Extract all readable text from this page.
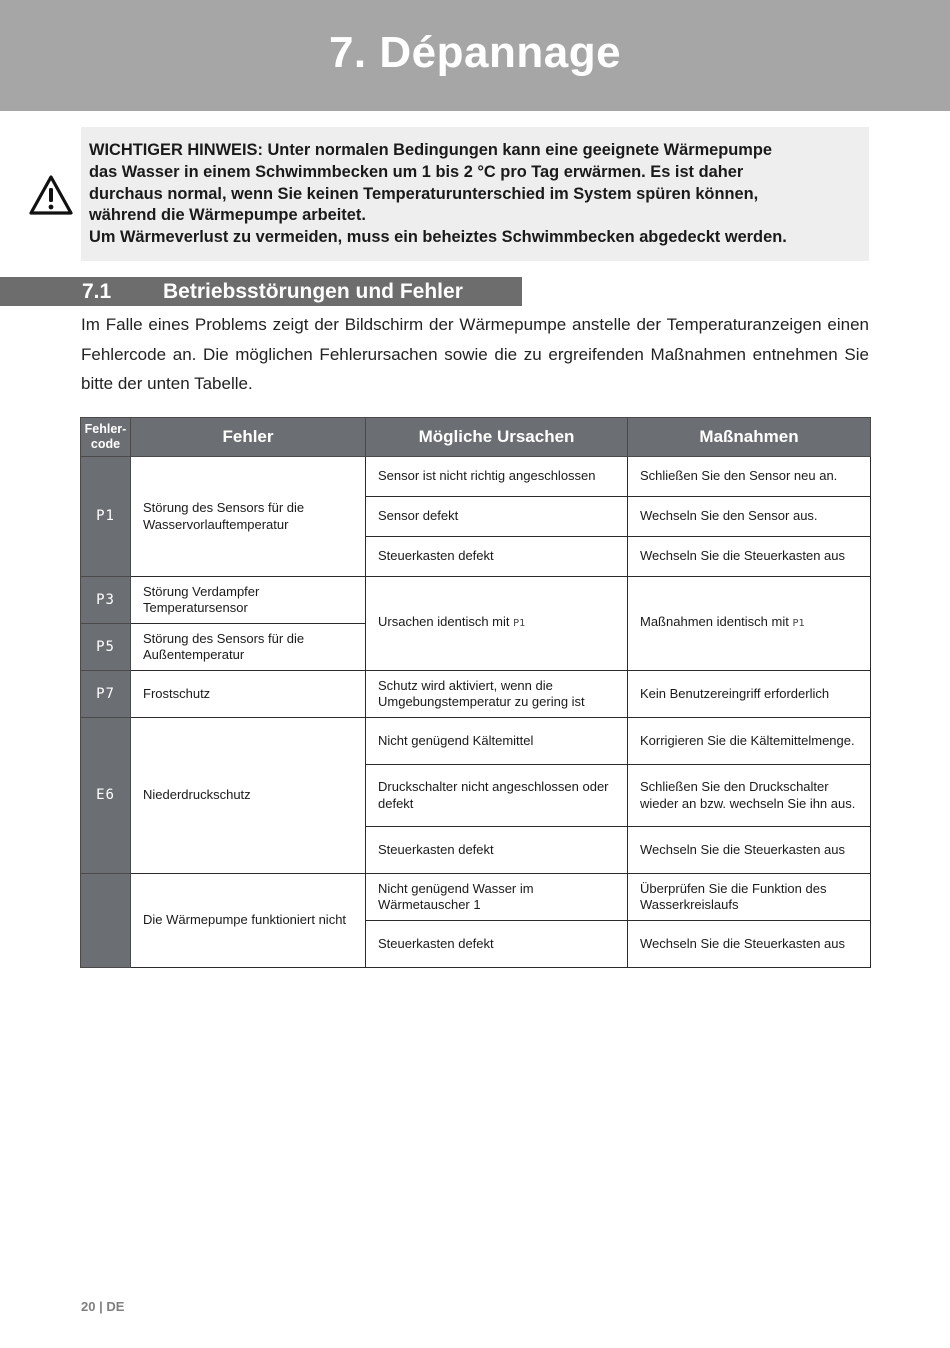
7. Dépannage

WICHTIGER HINWEIS: Unter normalen Bedingungen kann eine geeignete Wärmepumpe

das Wasser in einem Schwimmbecken um 1 bis 2 °C pro Tag erwärmen. Es ist daher

durchaus normal, wenn Sie keinen Temperaturunterschied im System spüren können,

während die Wärmepumpe arbeitet.

Um Wärmeverlust zu vermeiden, muss ein beheiztes Schwimmbecken abgedeckt werden.

7.1 Betriebsstörungen und Fehler

Im Falle eines Problems zeigt der Bildschirm der Wärmepumpe anstelle der Temperaturanzeigen einen Fehlercode an. Die möglichen Fehlerursachen sowie die zu ergreifenden Maßnahmen entnehmen Sie bitte der unten Tabelle.

Fehler-
code	Fehler	Mögliche Ursachen	Maßnahmen
P1	Störung des Sensors für die Wasservorlauftemperatur	Sensor ist nicht richtig angeschlossen	Schließen Sie den Sensor neu an.
		Sensor defekt	Wechseln Sie den Sensor aus.
		Steuerkasten defekt	Wechseln Sie die Steuerkasten aus
P3	Störung Verdampfer Temperatursensor	Ursachen identisch mit P1	Maßnahmen identisch mit P1
P5	Störung des Sensors für die Außentemperatur		
P7	Frostschutz	Schutz wird aktiviert, wenn die Umgebungstemperatur zu gering ist	Kein Benutzereingriff erforderlich
E6	Niederdruckschutz	Nicht genügend Kältemittel	Korrigieren Sie die Kältemittelmenge.
		Druckschalter nicht angeschlossen oder defekt	Schließen Sie den Druckschalter wieder an bzw. wechseln Sie ihn aus.
		Steuerkasten defekt	Wechseln Sie die Steuerkasten aus
	Die Wärmepumpe funktioniert nicht	Nicht genügend Wasser im Wärmetauscher 1	Überprüfen Sie die Funktion des Wasserkreislaufs
		Steuerkasten defekt	Wechseln Sie die Steuerkasten aus
20 | DE
